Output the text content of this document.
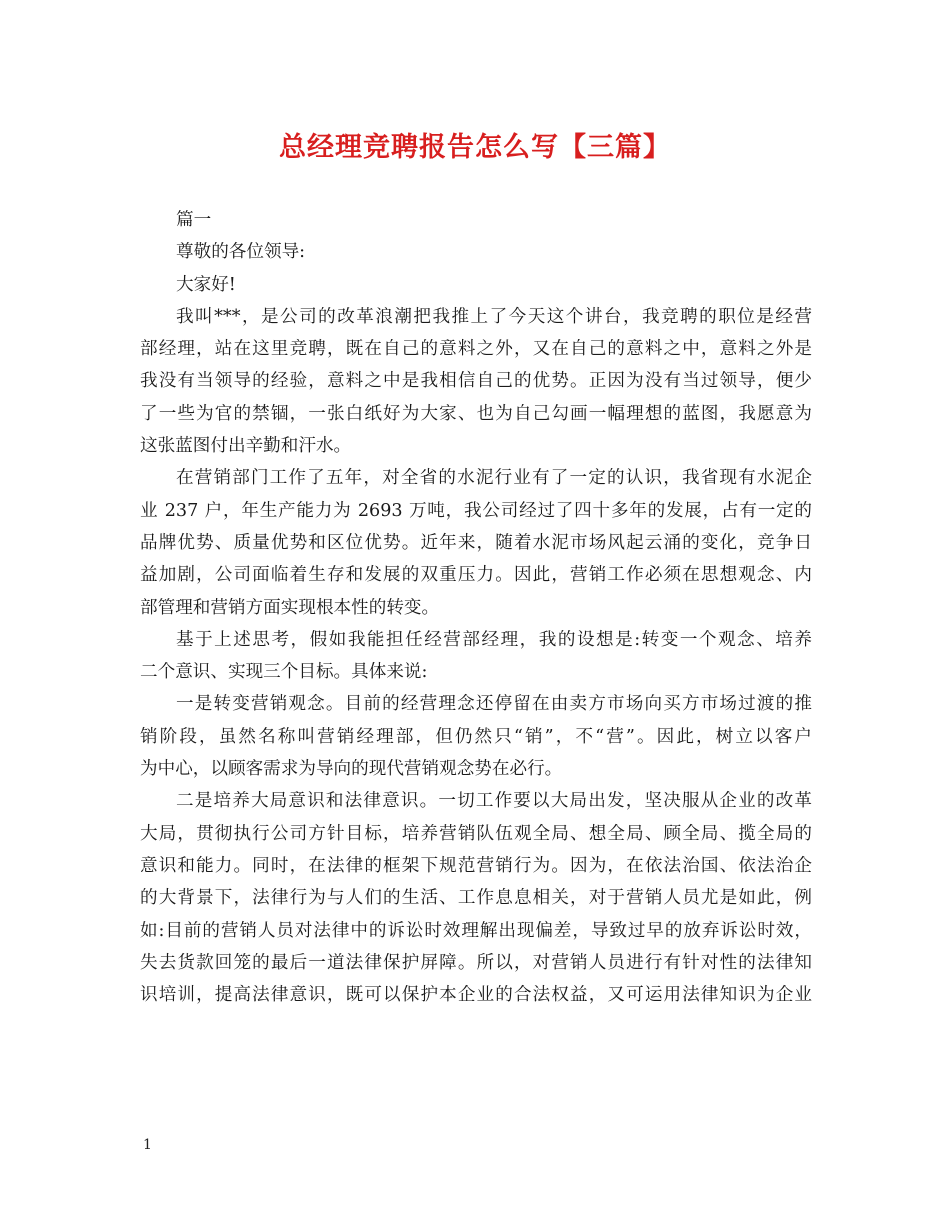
总经理竞聘报告怎么写【三篇】
篇一
尊敬的各位领导:
大家好!
我叫***，是公司的改革浪潮把我推上了今天这个讲台，我竞聘的职位是经营
部经理，站在这里竞聘，既在自己的意料之外，又在自己的意料之中，意料之外是
我没有当领导的经验，意料之中是我相信自己的优势。正因为没有当过领导，便少
了一些为官的禁锢，一张白纸好为大家、也为自己勾画一幅理想的蓝图，我愿意为
这张蓝图付出辛勤和汗水。
在营销部门工作了五年，对全省的水泥行业有了一定的认识，我省现有水泥企
业 237 户，年生产能力为 2693 万吨，我公司经过了四十多年的发展，占有一定的
品牌优势、质量优势和区位优势。近年来，随着水泥市场风起云涌的变化，竞争日
益加剧，公司面临着生存和发展的双重压力。因此，营销工作必须在思想观念、内
部管理和营销方面实现根本性的转变。
基于上述思考，假如我能担任经营部经理，我的设想是:转变一个观念、培养
二个意识、实现三个目标。具体来说:
一是转变营销观念。目前的经营理念还停留在由卖方市场向买方市场过渡的推
销阶段，虽然名称叫营销经理部，但仍然只“销”，不“营”。因此，树立以客户
为中心，以顾客需求为导向的现代营销观念势在必行。
二是培养大局意识和法律意识。一切工作要以大局出发，坚决服从企业的改革
大局，贯彻执行公司方针目标，培养营销队伍观全局、想全局、顾全局、揽全局的
意识和能力。同时，在法律的框架下规范营销行为。因为，在依法治国、依法治企
的大背景下，法律行为与人们的生活、工作息息相关，对于营销人员尤是如此，例
如:目前的营销人员对法律中的诉讼时效理解出现偏差，导致过早的放弃诉讼时效，
失去货款回笼的最后一道法律保护屏障。所以，对营销人员进行有针对性的法律知
识培训，提高法律意识，既可以保护本企业的合法权益，又可运用法律知识为企业
1
